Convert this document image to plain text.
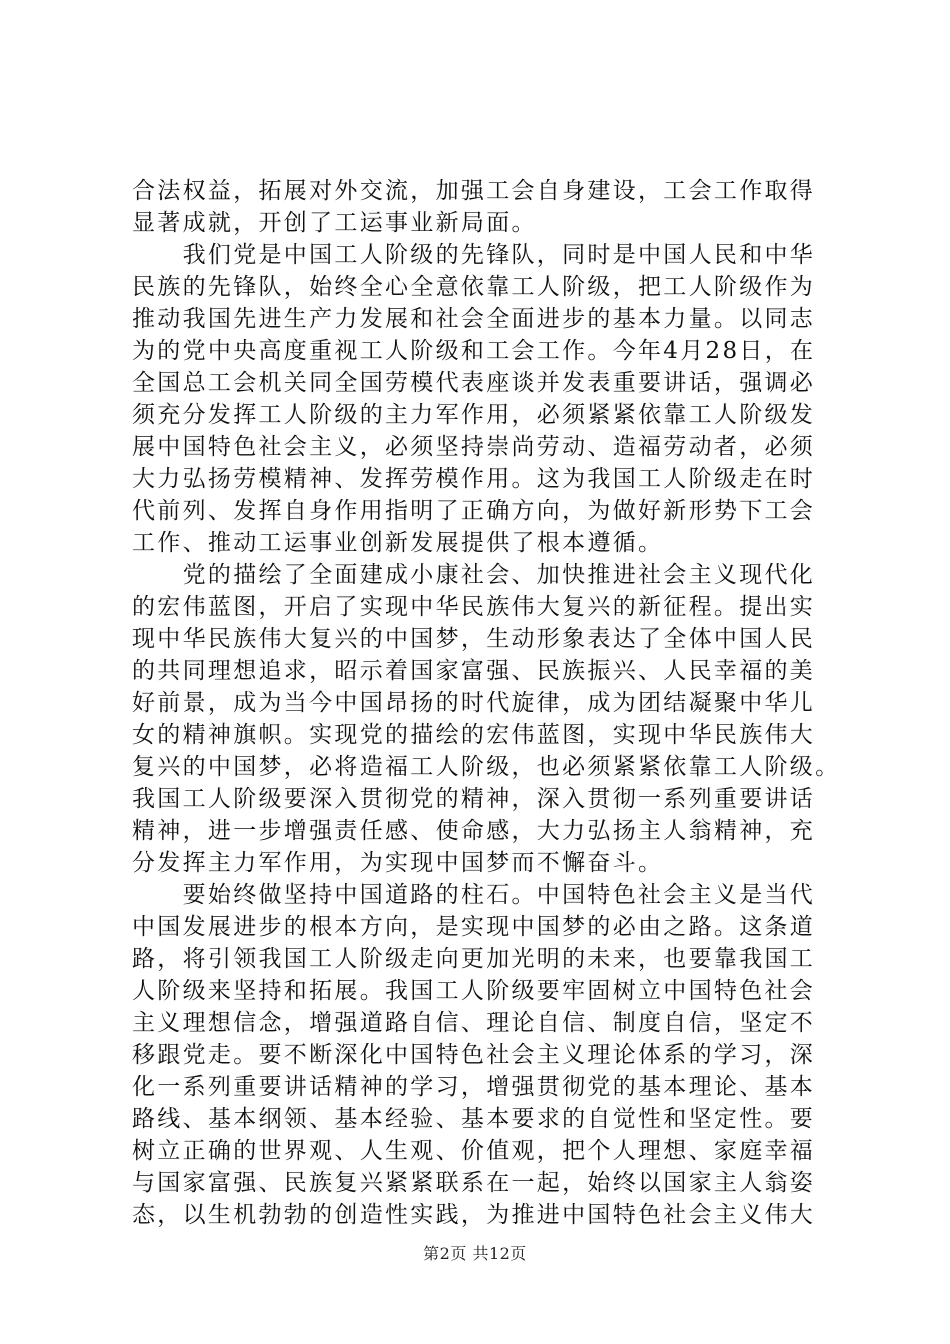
合法权益，拓展对外交流，加强工会自身建设，工会工作取得
显著成就，开创了工运事业新局面。
　　我们党是中国工人阶级的先锋队，同时是中国人民和中华
民族的先锋队，始终全心全意依靠工人阶级，把工人阶级作为
推动我国先进生产力发展和社会全面进步的基本力量。以同志
为的党中央高度重视工人阶级和工会工作。今年4月28日，在
全国总工会机关同全国劳模代表座谈并发表重要讲话，强调必
须充分发挥工人阶级的主力军作用，必须紧紧依靠工人阶级发
展中国特色社会主义，必须坚持崇尚劳动、造福劳动者，必须
大力弘扬劳模精神、发挥劳模作用。这为我国工人阶级走在时
代前列、发挥自身作用指明了正确方向，为做好新形势下工会
工作、推动工运事业创新发展提供了根本遵循。
　　党的描绘了全面建成小康社会、加快推进社会主义现代化
的宏伟蓝图，开启了实现中华民族伟大复兴的新征程。提出实
现中华民族伟大复兴的中国梦，生动形象表达了全体中国人民
的共同理想追求，昭示着国家富强、民族振兴、人民幸福的美
好前景，成为当今中国昂扬的时代旋律，成为团结凝聚中华儿
女的精神旗帜。实现党的描绘的宏伟蓝图，实现中华民族伟大
复兴的中国梦，必将造福工人阶级，也必须紧紧依靠工人阶级。
我国工人阶级要深入贯彻党的精神，深入贯彻一系列重要讲话
精神，进一步增强责任感、使命感，大力弘扬主人翁精神，充
分发挥主力军作用，为实现中国梦而不懈奋斗。
　　要始终做坚持中国道路的柱石。中国特色社会主义是当代
中国发展进步的根本方向，是实现中国梦的必由之路。这条道
路，将引领我国工人阶级走向更加光明的未来，也要靠我国工
人阶级来坚持和拓展。我国工人阶级要牢固树立中国特色社会
主义理想信念，增强道路自信、理论自信、制度自信，坚定不
移跟党走。要不断深化中国特色社会主义理论体系的学习，深
化一系列重要讲话精神的学习，增强贯彻党的基本理论、基本
路线、基本纲领、基本经验、基本要求的自觉性和坚定性。要
树立正确的世界观、人生观、价值观，把个人理想、家庭幸福
与国家富强、民族复兴紧紧联系在一起，始终以国家主人翁姿
态，以生机勃勃的创造性实践，为推进中国特色社会主义伟大
第2页 共12页
